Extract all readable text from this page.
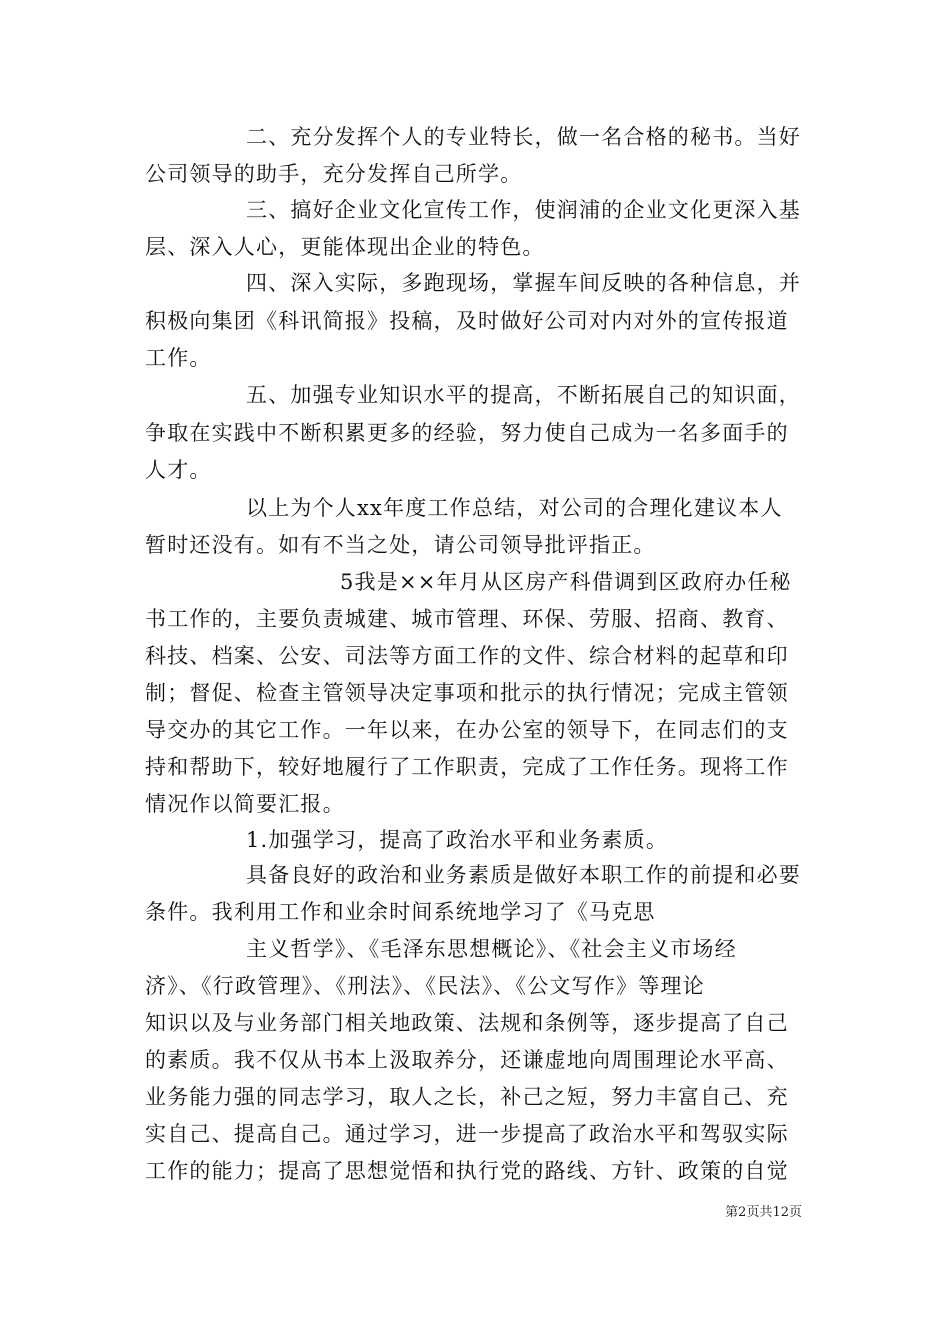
二、充分发挥个人的专业特长，做一名合格的秘书。当好

公司领导的助手，充分发挥自己所学。

三、搞好企业文化宣传工作，使润浦的企业文化更深入基

层、深入人心，更能体现出企业的特色。

四、深入实际，多跑现场，掌握车间反映的各种信息，并

积极向集团《科讯简报》投稿，及时做好公司对内对外的宣传报道

工作。

五、加强专业知识水平的提高，不断拓展自己的知识面，

争取在实践中不断积累更多的经验，努力使自己成为一名多面手的

人才。

以上为个人xx年度工作总结，对公司的合理化建议本人

暂时还没有。如有不当之处，请公司领导批评指正。

5我是××年月从区房产科借调到区政府办任秘

书工作的，主要负责城建、城市管理、环保、劳服、招商、教育、

科技、档案、公安、司法等方面工作的文件、综合材料的起草和印

制；督促、检查主管领导决定事项和批示的执行情况；完成主管领

导交办的其它工作。一年以来，在办公室的领导下，在同志们的支

持和帮助下，较好地履行了工作职责，完成了工作任务。现将工作

情况作以简要汇报。

1.加强学习，提高了政治水平和业务素质。

具备良好的政治和业务素质是做好本职工作的前提和必要

条件。我利用工作和业余时间系统地学习了《马克思

主义哲学》、《毛泽东思想概论》、《社会主义市场经

济》、《行政管理》、《刑法》、《民法》、《公文写作》等理论

知识以及与业务部门相关地政策、法规和条例等，逐步提高了自己

的素质。我不仅从书本上汲取养分，还谦虚地向周围理论水平高、

业务能力强的同志学习，取人之长，补己之短，努力丰富自己、充

实自己、提高自己。通过学习，进一步提高了政治水平和驾驭实际

工作的能力；提高了思想觉悟和执行党的路线、方针、政策的自觉

第2页共12页
